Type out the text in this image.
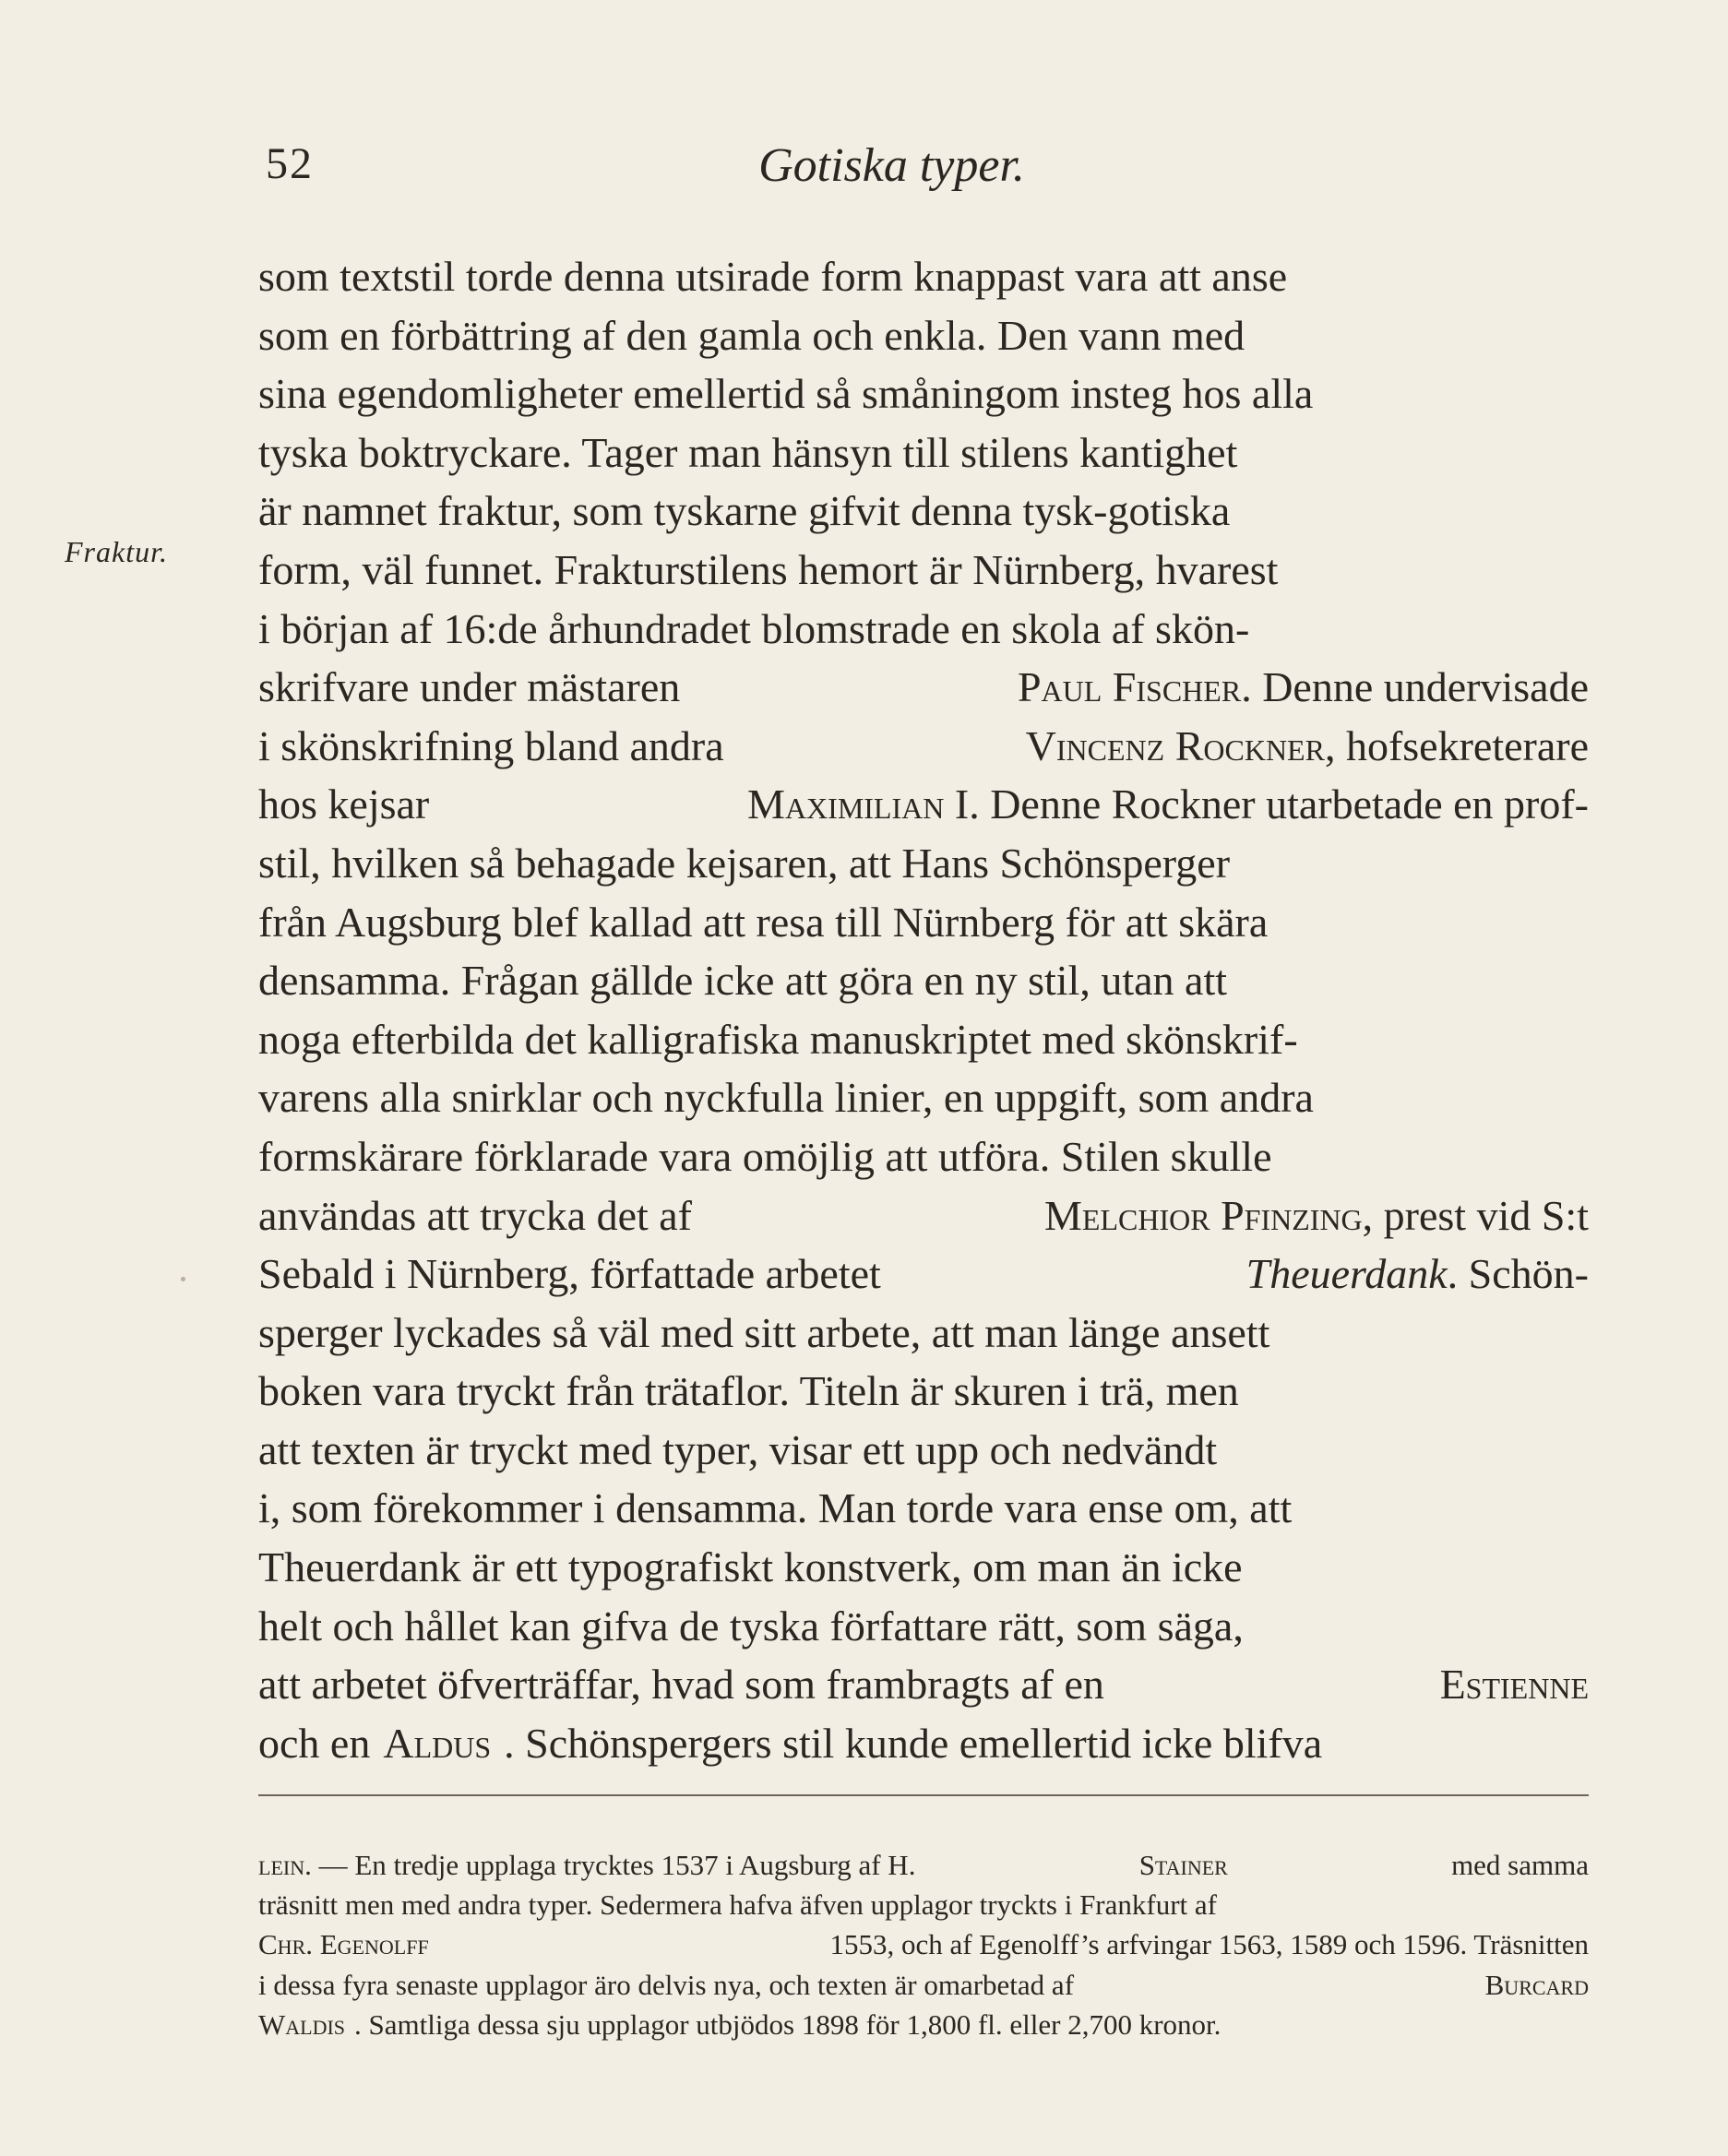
52	Gotiska typer.
Fraktur.
som textstil torde denna utsirade form knappast vara att anse
som en förbättring af den gamla och enkla. Den vann med
sina egendomligheter emellertid så småningom insteg hos alla
tyska boktryckare. Tager man hänsyn till stilens kantighet
är namnet fraktur, som tyskarne gifvit denna tysk-gotiska
form, väl funnet. Frakturstilens hemort är Nürnberg, hvarest
i början af 16:de århundradet blomstrade en skola af skön-
skrifvare under mästaren	Paul Fischer. Denne undervisade
i skönskrifning bland andra	Vincenz Rockner, hofsekreterare
hos kejsar	Maximilian I. Denne Rockner utarbetade en prof-
stil, hvilken så behagade kejsaren, att Hans Schönsperger
från Augsburg blef kallad att resa till Nürnberg för att skära
densamma. Frågan gällde icke att göra en ny stil, utan att
noga efterbilda det kalligrafiska manuskriptet med skönskrif-
varens alla snirklar och nyckfulla linier, en uppgift, som andra
formskärare förklarade vara omöjlig att utföra. Stilen skulle
användas att trycka det af	Melchior Pfinzing, prest vid S:t
Sebald i Nürnberg, författade arbetet	Theuerdank. Schön-
sperger lyckades så väl med sitt arbete, att man länge ansett
boken vara tryckt från trätaflor. Titeln är skuren i trä, men
att texten är tryckt med typer, visar ett upp och nedvändt
i, som förekommer i densamma. Man torde vara ense om, att
Theuerdank är ett typografiskt konstverk, om man än icke
helt och hållet kan gifva de tyska författare rätt, som säga,
att arbetet öfverträffar, hvad som frambragts af en	Estienne
och en Aldus . Schönspergers stil kunde emellertid icke blifva
lein. — En tredje upplaga trycktes 1537 i Augsburg af H.	Stainer	med samma
träsnitt men med andra typer. Sedermera hafva äfven upplagor tryckts i Frankfurt af
Chr. Egenolff	1553, och af Egenolff’s arfvingar 1563, 1589 och 1596. Träsnitten
i dessa fyra senaste upplagor äro delvis nya, och texten är omarbetad af	Burcard
Waldis . Samtliga dessa sju upplagor utbjödos 1898 för 1,800 fl. eller 2,700 kronor.
